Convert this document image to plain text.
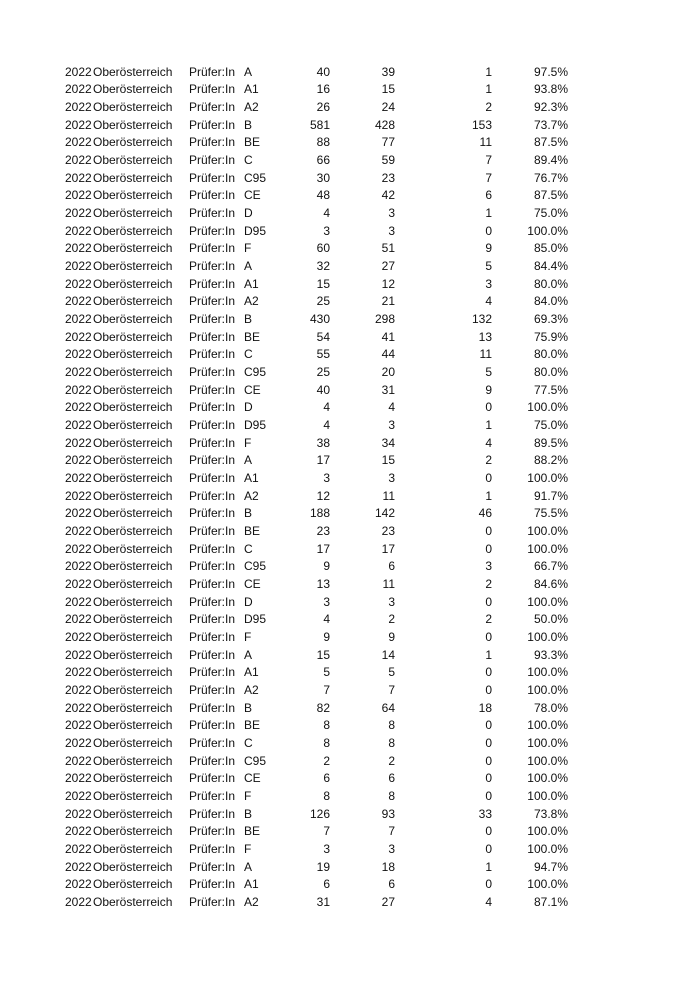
2022 Oberösterreich	Prüfer:In A	40	39	1	97.5%
2022 Oberösterreich	Prüfer:In A1	16	15	1	93.8%
2022 Oberösterreich	Prüfer:In A2	26	24	2	92.3%
2022 Oberösterreich	Prüfer:In B	581	428	153	73.7%
2022 Oberösterreich	Prüfer:In BE	88	77	11	87.5%
2022 Oberösterreich	Prüfer:In C	66	59	7	89.4%
2022 Oberösterreich	Prüfer:In C95	30	23	7	76.7%
2022 Oberösterreich	Prüfer:In CE	48	42	6	87.5%
2022 Oberösterreich	Prüfer:In D	4	3	1	75.0%
2022 Oberösterreich	Prüfer:In D95	3	3	0	100.0%
2022 Oberösterreich	Prüfer:In F	60	51	9	85.0%
2022 Oberösterreich	Prüfer:In A	32	27	5	84.4%
2022 Oberösterreich	Prüfer:In A1	15	12	3	80.0%
2022 Oberösterreich	Prüfer:In A2	25	21	4	84.0%
2022 Oberösterreich	Prüfer:In B	430	298	132	69.3%
2022 Oberösterreich	Prüfer:In BE	54	41	13	75.9%
2022 Oberösterreich	Prüfer:In C	55	44	11	80.0%
2022 Oberösterreich	Prüfer:In C95	25	20	5	80.0%
2022 Oberösterreich	Prüfer:In CE	40	31	9	77.5%
2022 Oberösterreich	Prüfer:In D	4	4	0	100.0%
2022 Oberösterreich	Prüfer:In D95	4	3	1	75.0%
2022 Oberösterreich	Prüfer:In F	38	34	4	89.5%
2022 Oberösterreich	Prüfer:In A	17	15	2	88.2%
2022 Oberösterreich	Prüfer:In A1	3	3	0	100.0%
2022 Oberösterreich	Prüfer:In A2	12	11	1	91.7%
2022 Oberösterreich	Prüfer:In B	188	142	46	75.5%
2022 Oberösterreich	Prüfer:In BE	23	23	0	100.0%
2022 Oberösterreich	Prüfer:In C	17	17	0	100.0%
2022 Oberösterreich	Prüfer:In C95	9	6	3	66.7%
2022 Oberösterreich	Prüfer:In CE	13	11	2	84.6%
2022 Oberösterreich	Prüfer:In D	3	3	0	100.0%
2022 Oberösterreich	Prüfer:In D95	4	2	2	50.0%
2022 Oberösterreich	Prüfer:In F	9	9	0	100.0%
2022 Oberösterreich	Prüfer:In A	15	14	1	93.3%
2022 Oberösterreich	Prüfer:In A1	5	5	0	100.0%
2022 Oberösterreich	Prüfer:In A2	7	7	0	100.0%
2022 Oberösterreich	Prüfer:In B	82	64	18	78.0%
2022 Oberösterreich	Prüfer:In BE	8	8	0	100.0%
2022 Oberösterreich	Prüfer:In C	8	8	0	100.0%
2022 Oberösterreich	Prüfer:In C95	2	2	0	100.0%
2022 Oberösterreich	Prüfer:In CE	6	6	0	100.0%
2022 Oberösterreich	Prüfer:In F	8	8	0	100.0%
2022 Oberösterreich	Prüfer:In B	126	93	33	73.8%
2022 Oberösterreich	Prüfer:In BE	7	7	0	100.0%
2022 Oberösterreich	Prüfer:In F	3	3	0	100.0%
2022 Oberösterreich	Prüfer:In A	19	18	1	94.7%
2022 Oberösterreich	Prüfer:In A1	6	6	0	100.0%
2022 Oberösterreich	Prüfer:In A2	31	27	4	87.1%
